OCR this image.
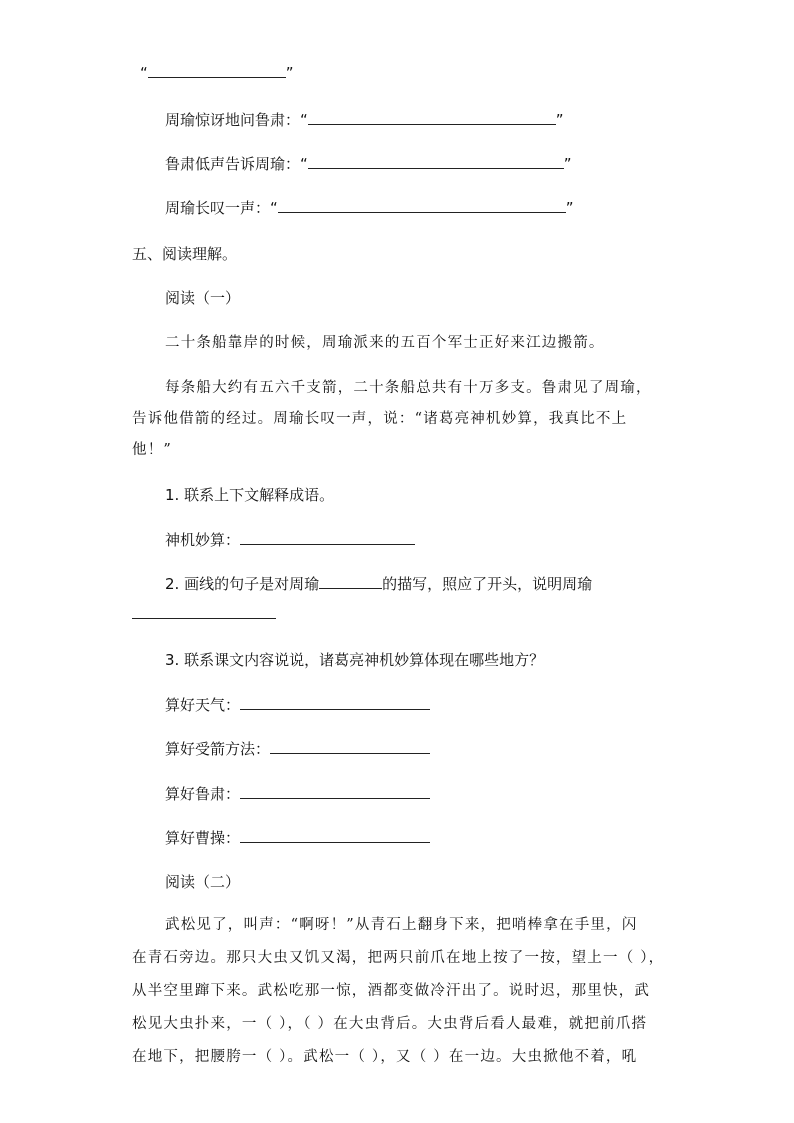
“	”
周瑜惊讶地问鲁肃：“	”
鲁肃低声告诉周瑜：“	”
周瑜长叹一声：“	”
五、阅读理解。
阅读（一）
二十条船靠岸的时候，周瑜派来的五百个军士正好来江边搬箭。
每条船大约有五六千支箭，二十条船总共有十万多支。鲁肃见了周瑜，
告诉他借箭的经过。周瑜长叹一声，说：“诸葛亮神机妙算，我真比不上
他！”
1. 联系上下文解释成语。
神机妙算：
2. 画线的句子是对周瑜	的描写，照应了开头，说明周瑜
3. 联系课文内容说说，诸葛亮神机妙算体现在哪些地方？
算好天气：
算好受箭方法：
算好鲁肃：
算好曹操：
阅读（二）
武松见了，叫声：“啊呀！”从青石上翻身下来，把哨棒拿在手里，闪
在青石旁边。那只大虫又饥又渴，把两只前爪在地上按了一按，望上一（ ），
从半空里蹿下来。武松吃那一惊，酒都变做冷汗出了。说时迟，那里快，武
松见大虫扑来，一（ ），（ ）在大虫背后。大虫背后看人最难，就把前爪搭
在地下，把腰胯一（ ）。武松一（ ），又（ ）在一边。大虫掀他不着，吼
